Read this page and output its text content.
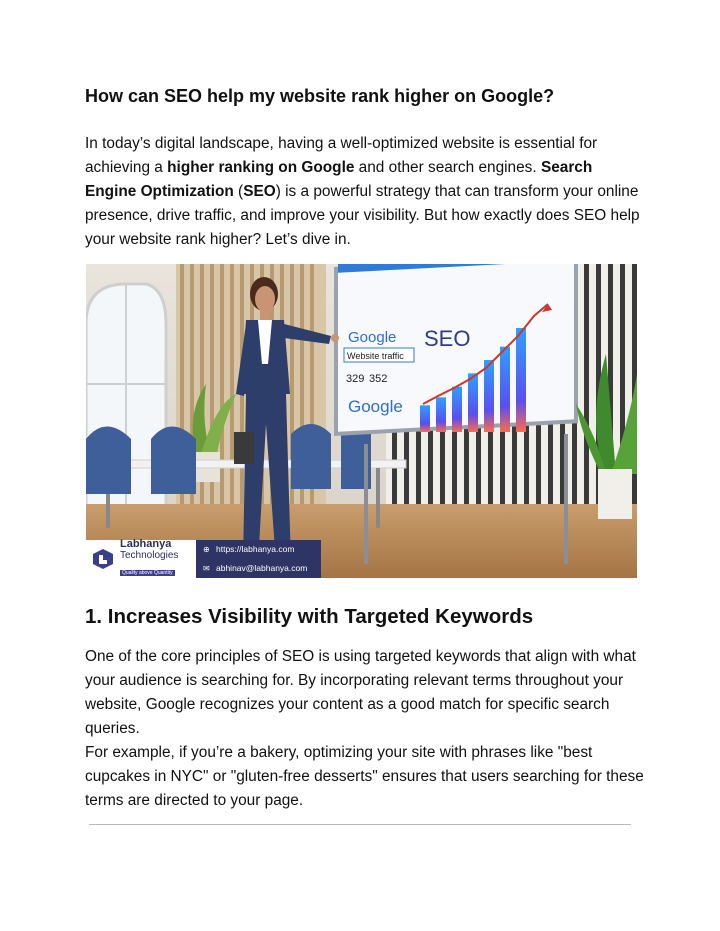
How can SEO help my website rank higher on Google?

In today’s digital landscape, having a well-optimized website is essential for achieving a higher ranking on Google and other search engines. Search Engine Optimization (SEO) is a powerful strategy that can transform your online presence, drive traffic, and improve your visibility. But how exactly does SEO help your website rank higher? Let’s dive in.

Google SEO
Website traffic
329 352
Google
Labhanya
Technologies
Quality above Quantity
⊕ https://labhanya.com
✉ abhinav@labhanya.com
1. Increases Visibility with Targeted Keywords

One of the core principles of SEO is using targeted keywords that align with what your audience is searching for. By incorporating relevant terms throughout your website, Google recognizes your content as a good match for specific search queries.

For example, if you’re a bakery, optimizing your site with phrases like "best cupcakes in NYC" or "gluten-free desserts" ensures that users searching for these terms are directed to your page.
